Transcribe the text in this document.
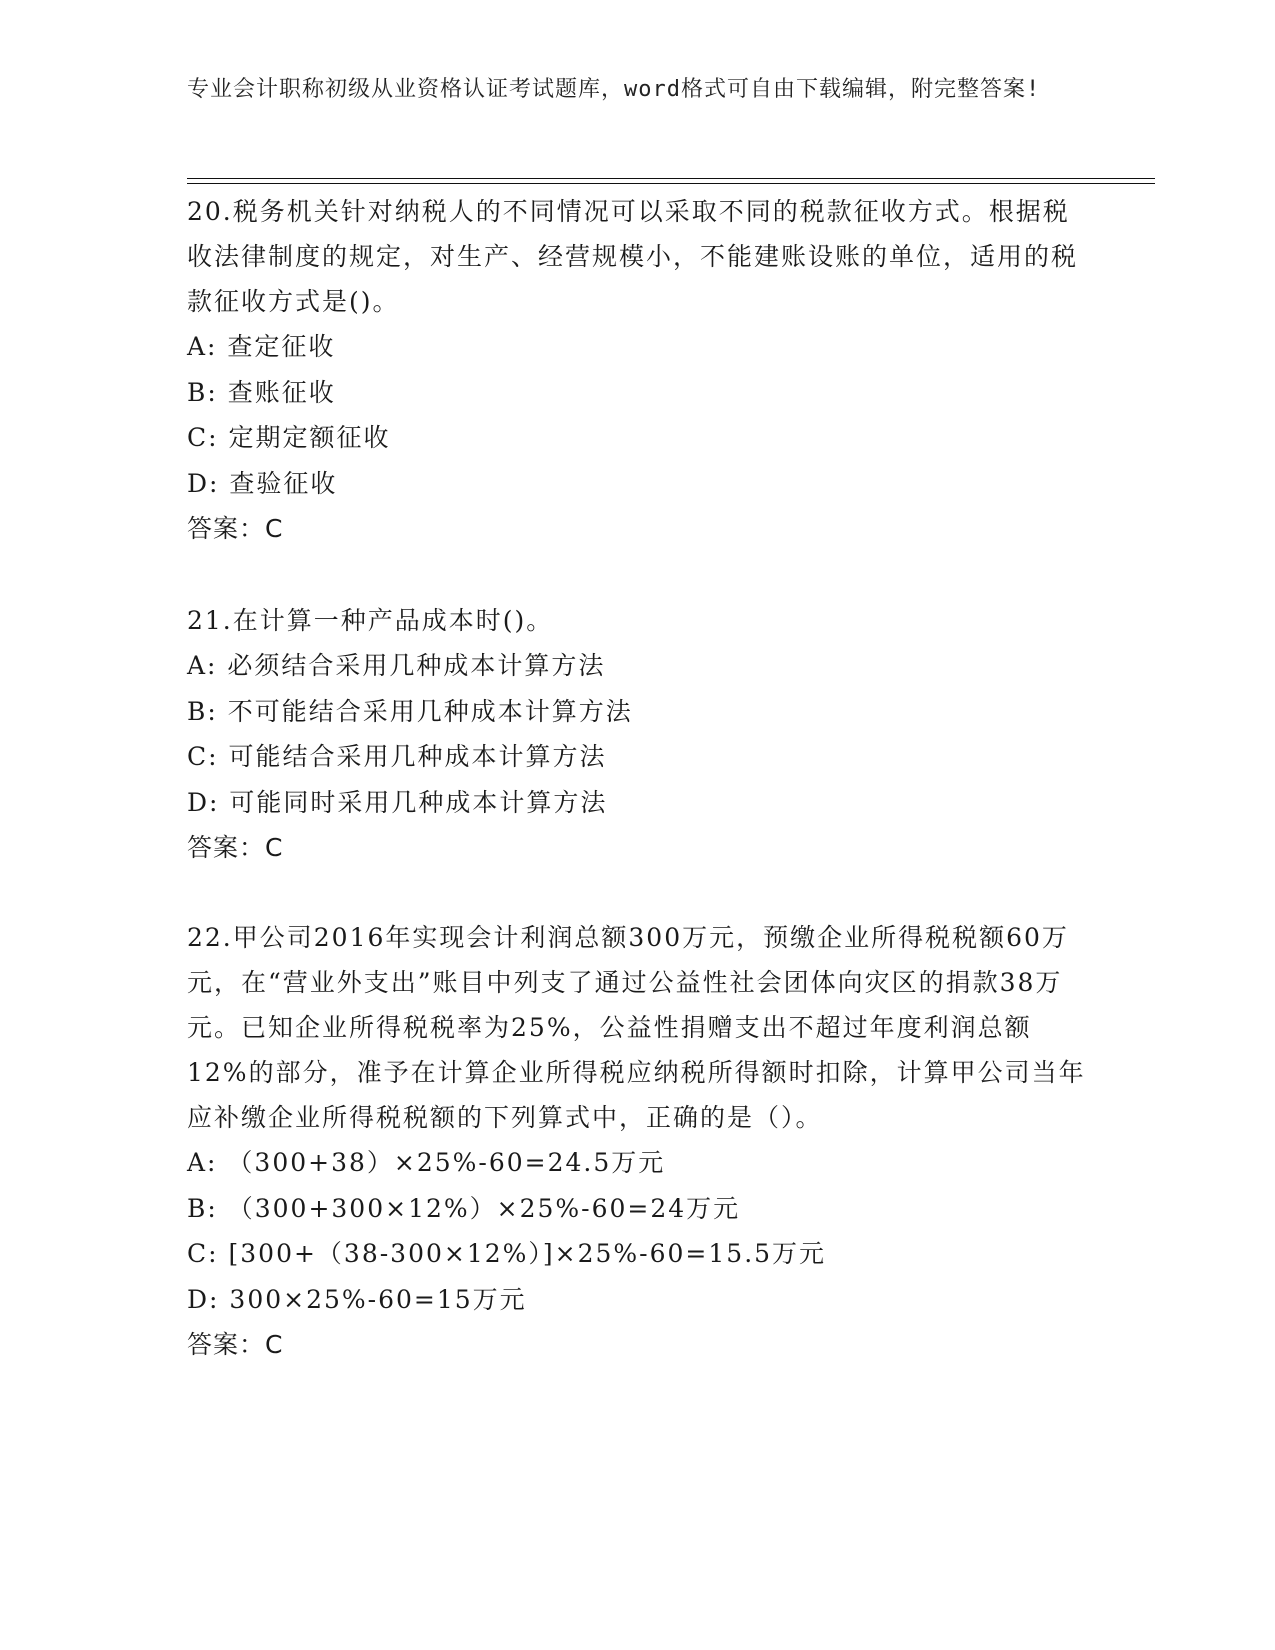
专业会计职称初级从业资格认证考试题库，word格式可自由下载编辑，附完整答案!
20.税务机关针对纳税人的不同情况可以采取不同的税款征收方式。根据税收法律制度的规定，对生产、经营规模小，不能建账设账的单位，适用的税款征收方式是()。
A: 查定征收
B: 查账征收
C: 定期定额征收
D: 查验征收
答案：C
21.在计算一种产品成本时()。
A: 必须结合采用几种成本计算方法
B: 不可能结合采用几种成本计算方法
C: 可能结合采用几种成本计算方法
D: 可能同时采用几种成本计算方法
答案：C
22.甲公司2016年实现会计利润总额300万元，预缴企业所得税税额60万元，在“营业外支出”账目中列支了通过公益性社会团体向灾区的捐款38万元。已知企业所得税税率为25%，公益性捐赠支出不超过年度利润总额12%的部分，准予在计算企业所得税应纳税所得额时扣除，计算甲公司当年应补缴企业所得税税额的下列算式中，正确的是（）。
A: （300+38）×25%-60=24.5万元
B: （300+300×12%）×25%-60=24万元
C: [300+（38-300×12%）]×25%-60=15.5万元
D: 300×25%-60=15万元
答案：C
